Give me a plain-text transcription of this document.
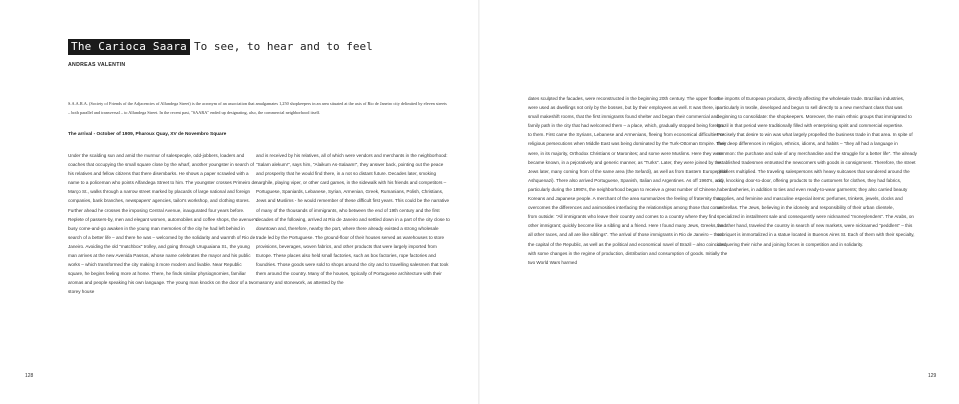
The Carioca Saara To see, to hear and to feel
ANDREAS VALENTIN
S.A.A.R.A. (Society of Friends of the Adjacencies of Alfandega Street) is the acronym of an association that amalgamates 1,250 shopkeepers in an area situated at the axis of Rio de Janeiro city delimited by eleven streets – both parallel and transversal – to Alfandega Street. In the recent past, "SAARA" ended up designating, also, the commercial neighborhood itself.
The arrival - October of 1909, Pharoux Quay, XV de Novembro Square
Under the scalding sun and amid the murmur of salespeople, odd-jobbers, loaders and coaches that occupying the small square close by the wharf, another youngster in search of his relatives and fellow citizens that there disembarks. He shows a paper scrawled with a name to a policeman who points Alfandega Street to him. The youngster crosses Primeiro de Março St., walks through a narrow street marked by placards of large national and foreign companies, bank branches, newspapers' agencies, tailor's workshop, and clothing stores. Further ahead he crosses the imposing Central Avenue, inaugurated four years before. Replete of passers-by, men and elegant women, automobiles and coffee shops, the avenue's busy come-and-go awaken in the young man memories of the city he had left behind in search of a better life – and there he was – welcomed by the solidarity and warmth of Rio de Janeiro. Avoiding the old "matchbox" trolley, and going through Uruguaiana St., the young man arrives at the new Avenida Passos, whose name celebrates the mayor and his public works – which transformed the city making it more modern and livable. Near Republic square, he begins feeling more at home. There, he finds similar physiognomies, familiar aromas and people speaking his own language. The young man knocks on the door of a two storey house
and is received by his relatives, all of which were vendors and merchants in the neighborhood: "Salam alekum!", says him, "Alaikum As-Salaam!", they answer back, pointing out the peace and prosperity that he would find there, in a not so distant future. Decades later, smoking narghile, playing viper, or other card games, in the sidewalk with his friends and competitors – Portuguese, Spaniards, Lebanese, Syrian, Armenian, Greek, Rumanians, Polish, Christians, Jews and Muslims - he would remember of these difficult first years. This could be the narrative of many of the thousands of immigrants, who between the end of 19th century and the first decades of the following, arrived at Rio de Janeiro and settled down in a part of the city close to downtown and, therefore, nearby the port, where there already existed a strong wholesale trade led by the Portuguese. The ground-floor of their houses served as warehouses to store provisions, beverages, woven fabrics, and other products that were largely imported from Europe. These places also held small factories, such as box factories, rope factories and foundries. Those goods were sold to shops around the city and to travelling salesmen that took them around the country. Many of the houses, typically of Portuguese architecture with their masonry and stonework, as attested by the
128
dates sculpted the facades, were reconstructed in the beginning 20th century. The upper floors were used as dwellings not only by the bosses, but by their employees as well. It was there, in small makeshift rooms, that the first immigrants found shelter and began their commercial and family path in the city that had welcomed them – a place, which, gradually stopped being foreign to them. First came the Syrians, Lebanese and Armenians, fleeing from economical difficulties or religious persecutions when Middle East was being dominated by the Turk-Ottoman Empire. They were, in its majority, Orthodox Christians or Maronites; and some were Muslims. Here they were became known, in a pejoratively and generic manner, as "Turks". Later, they were joined by the Jews later, many coming from of the same area (the Sefardi), as well as from Eastern Europe (the Ashquenazi). There also arrived Portuguese, Spanish, Italian and Argentines. As off 1960's, and particularly during the 1990's, the neighborhood began to receive a great number of Chinese, Koreans and Japanese people. A merchant of the area summarizes the feeling of fraternity that overcomes the differences and animosities interfacing the relationships among those that come from outside: "All immigrants who leave their country and comes to a country where they find other immigrant; quickly become like a sibling and a friend. Here I found many Jews, Greeks, and all other races, and all are like siblings". The arrival of those immigrants in Rio de Janeiro – then the capital of the Republic, as well as the political and economical navel of Brazil – also coincided with some changes in the regime of production, distribution and consumption of goods. Initially the two World Wars harmed
the imports of European products, directly affecting the wholesale trade. Brazilian industries, particularly in textile, developed and begun to sell directly to a new merchant class that was beginning to consolidate: the shopkeepers. Moreover, the main ethnic groups that immigrated to Brazil in that period were traditionally filled with enterprising spirit and commercial expertise. Precisely that desire to win was what largely propelled the business trade in that area. In spite of their deep differences in religion, ethnics, idioms, and habits – "they all had a language in common: the purchase and sale of any merchandise and the struggle for a better life". The already established tradesmen entrusted the newcomers with goods in consignment. Therefore, the street peddlers multiplied. The traveling salespersons with heavy suitcases that wondered around the city, knocking door-to-door, offering products to the customers for clothes, they had fabrics, haberdasheries, in addition to ties and even ready-to-wear garments; they also carried beauty supplies, and feminine and masculine especial items: perfumes, trinkets, jewels, clocks and umbrellas. The Jews, believing in the idoneity and responsibility of their urban clientele, specialized in installment sale and consequently were nicknamed "moneylenders". The Arabs, on the other hand, traveled the country in search of new markets, were nicknamed "peddlers" – this sobriquet is immortalized in a statue located in Buenos Aires St. Each of them with their specialty, conquering their niche and joining forces in competition and in solidarity.
129
